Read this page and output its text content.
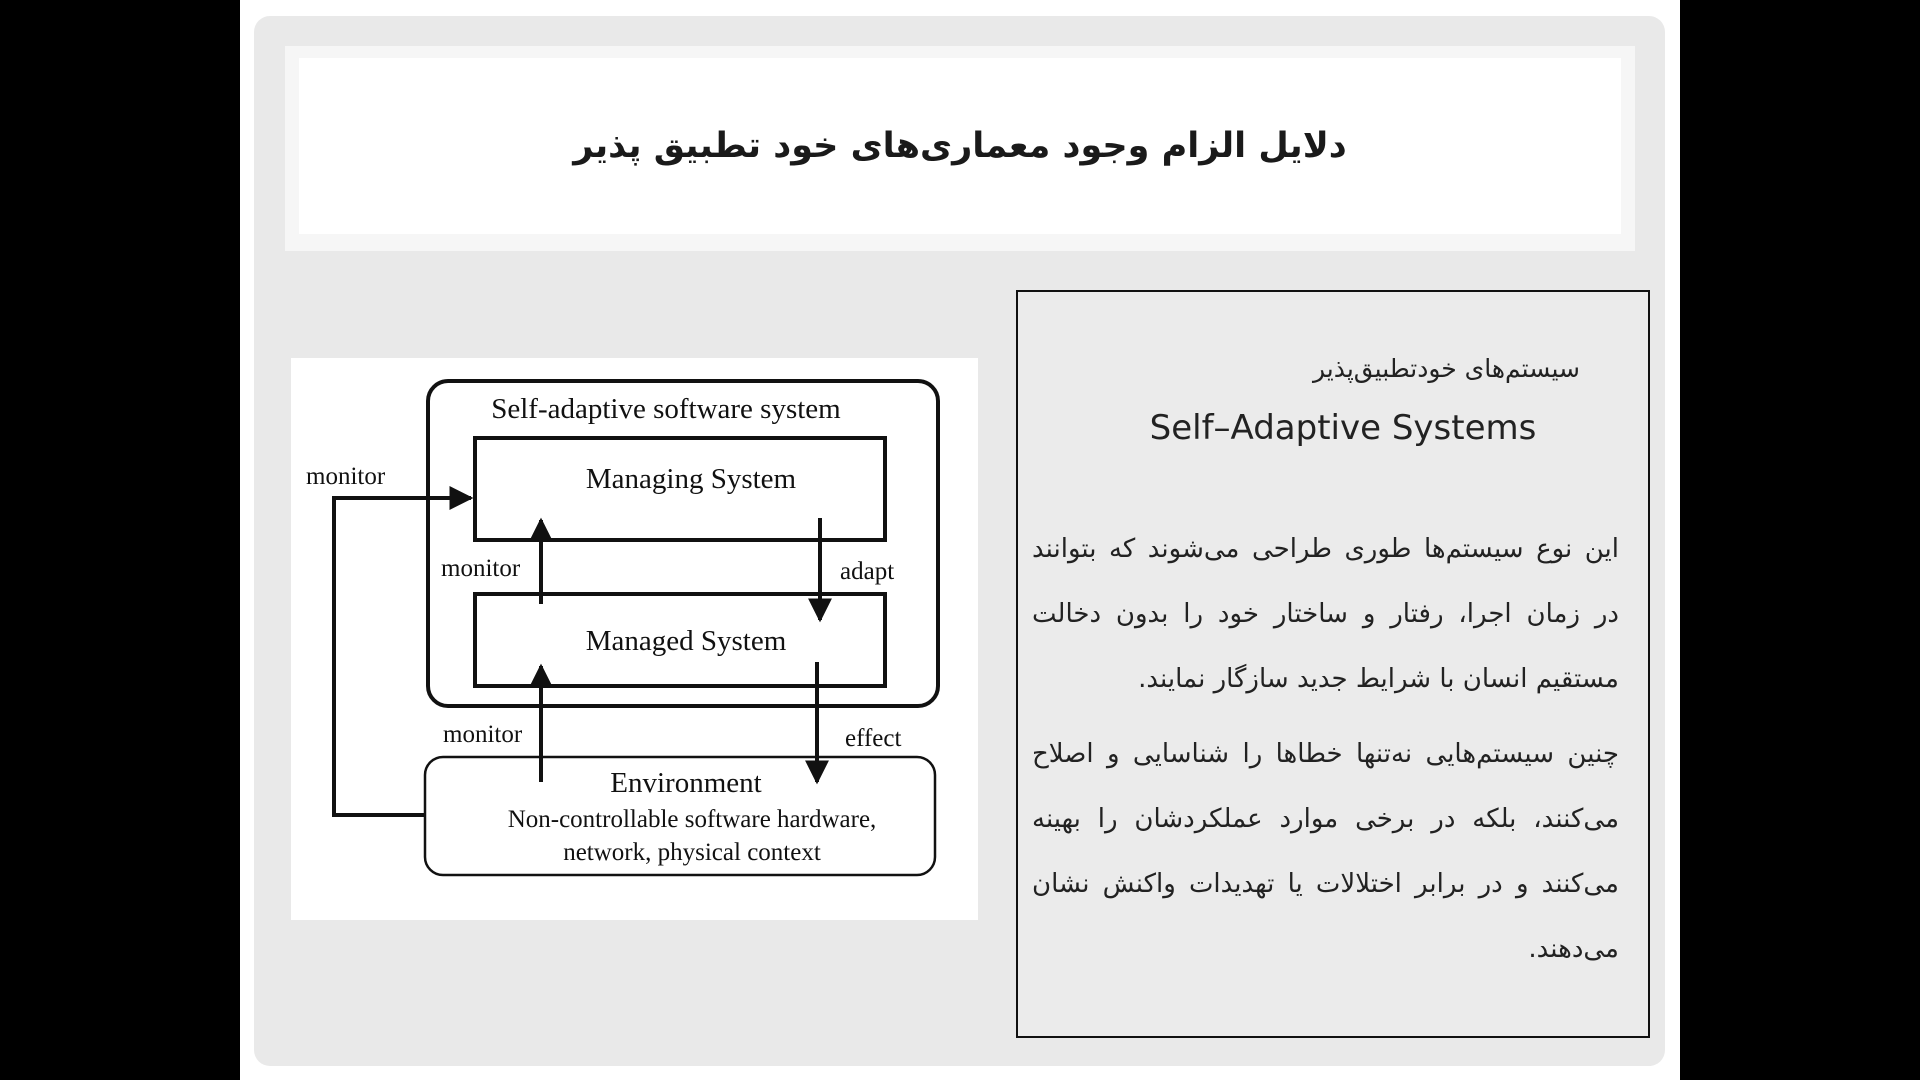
دلایل الزام وجود معماری‌های خود تطبیق پذیر
Self-adaptive software system
Managing System
Managed System
Environment
Non-controllable software hardware,
network, physical context
monitor
monitor	adapt
monitor	effect
سیستم‌های خودتطبیق‌پذیر
Self–Adaptive Systems
این نوع سیستم‌ها طوری طراحی می‌شوند که بتوانند در زمان اجرا، رفتار و ساختار خود را بدون دخالت مستقیم انسان با شرایط جدید سازگار نمایند.
چنین سیستم‌هایی نه‌تنها خطاها را شناسایی و اصلاح می‌کنند، بلکه در برخی موارد عملکردشان را بهینه می‌کنند و در برابر اختلالات یا تهدیدات واکنش نشان می‌دهند.
